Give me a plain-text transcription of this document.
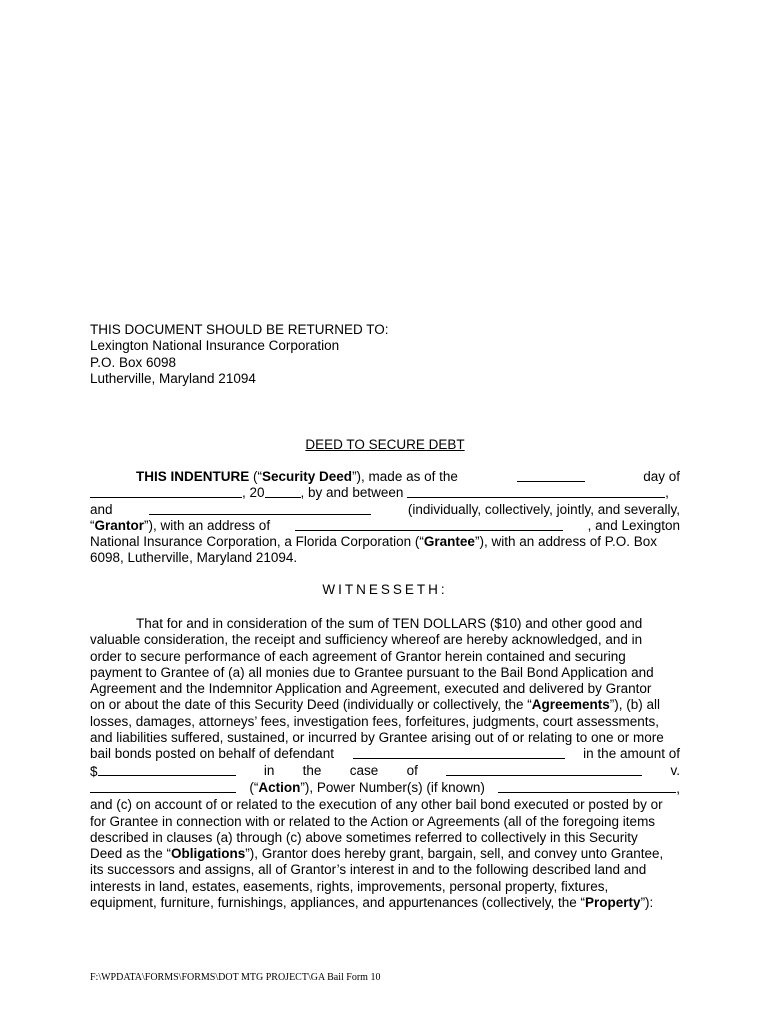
THIS DOCUMENT SHOULD BE RETURNED TO:
Lexington National Insurance Corporation
P.O. Box 6098
Lutherville, Maryland 21094
DEED TO SECURE DEBT
THIS INDENTURE (“Security Deed”), made as of the	day of
, 20	, by and between
	,
and	(individually, collectively, jointly, and severally,
“Grantor”), with an address of	, and Lexington
National Insurance Corporation, a Florida Corporation (“Grantee”), with an address of P.O. Box
6098, Lutherville, Maryland 21094.
WITNESSETH:
That for and in consideration of the sum of TEN DOLLARS ($10) and other good and
valuable consideration, the receipt and sufficiency whereof are hereby acknowledged, and in
order to secure performance of each agreement of Grantor herein contained and securing
payment to Grantee of (a) all monies due to Grantee pursuant to the Bail Bond Application and
Agreement and the Indemnitor Application and Agreement, executed and delivered by Grantor
on or about the date of this Security Deed (individually or collectively, the “Agreements”), (b) all
losses, damages, attorneys’ fees, investigation fees, forfeitures, judgments, court assessments,
and liabilities suffered, sustained, or incurred by Grantee arising out of or relating to one or more
bail bonds posted on behalf of defendant	in the amount of
$	in the case of	v.
(“Action”), Power Number(s) (if known)	,
and (c) on account of or related to the execution of any other bail bond executed or posted by or
for Grantee in connection with or related to the Action or Agreements (all of the foregoing items
described in clauses (a) through (c) above sometimes referred to collectively in this Security
Deed as the “Obligations”), Grantor does hereby grant, bargain, sell, and convey unto Grantee,
its successors and assigns, all of Grantor’s interest in and to the following described land and
interests in land, estates, easements, rights, improvements, personal property, fixtures,
equipment, furniture, furnishings, appliances, and appurtenances (collectively, the “Property”):
F:\WPDATA\FORMS\FORMS\DOT MTG PROJECT\GA Bail Form 10
